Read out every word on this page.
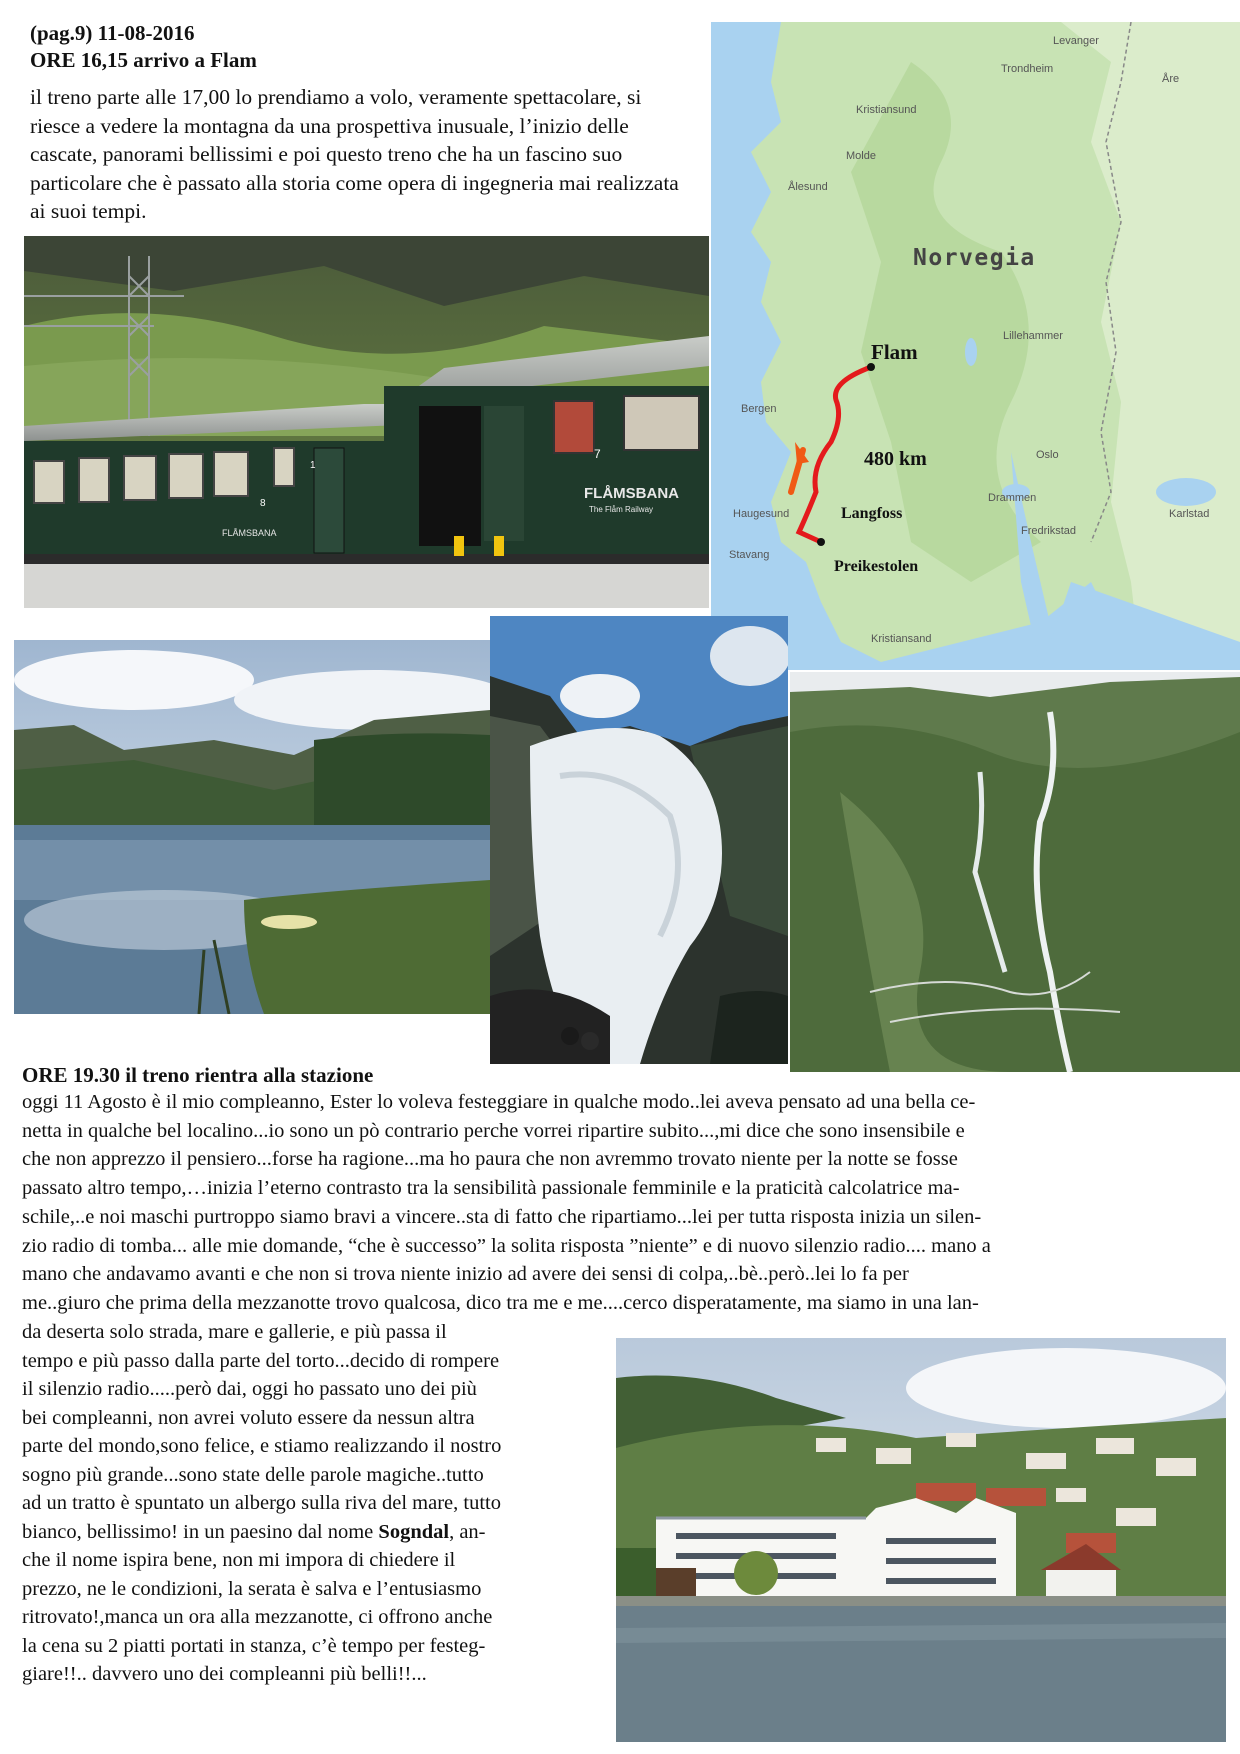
(pag.9) 11-08-2016
ORE 16,15 arrivo a Flam
il treno parte alle 17,00 lo prendiamo a volo, veramente spettacolare, si riesce a vedere la montagna da una prospettiva inusuale, l’inizio delle cascate, panorami bellissimi e poi questo treno che ha un fascino suo particolare che è passato alla storia come opera di ingegneria mai realizzata ai suoi tempi.
FLÅMSBANA
8
1
7
FLÅMSBANA
The Flåm Railway
Levanger
Trondheim
Åre
Kristiansund
Molde
Ålesund
Norvegia
Lillehammer
Bergen
Oslo
Drammen
Haugesund
Fredrikstad
Karlstad
Stavang
Kristiansand
Flam
480 km
Langfoss
Preikestolen
ORE 19.30 il treno rientra alla stazione
oggi 11 Agosto è il mio compleanno, Ester lo voleva festeggiare in qualche modo..lei aveva pensato ad una bella ce-
netta in qualche bel localino...io sono un pò contrario perche vorrei ripartire subito...,mi dice che sono insensibile e
che non apprezzo il pensiero...forse ha ragione...ma ho paura che non avremmo trovato niente per la notte se fosse
passato altro tempo,…inizia l’eterno contrasto tra la sensibilità passionale femminile e la praticità calcolatrice ma-
schile,..e noi maschi purtroppo siamo bravi a vincere..sta di fatto che ripartiamo...lei per tutta risposta inizia un silen-
zio radio di tomba... alle mie domande, “che è successo” la solita risposta ”niente” e di nuovo silenzio radio.... mano a
mano che andavamo avanti e che non si trova niente inizio ad avere dei sensi di colpa,..bè..però..lei lo fa per
me..giuro che prima della mezzanotte trovo qualcosa, dico tra me e me....cerco disperatamente, ma siamo in una lan-
da deserta solo strada, mare e gallerie, e più passa il
tempo e più passo dalla parte del torto...decido di rompere
il silenzio radio.....però dai, oggi ho passato uno dei più
bei compleanni, non avrei voluto essere da nessun altra
parte del mondo,sono felice, e stiamo realizzando il nostro
sogno più grande...sono state delle parole magiche..tutto
ad un tratto è spuntato un albergo sulla riva del mare, tutto
bianco, bellissimo! in un paesino dal nome Sogndal, an-
che il nome ispira bene, non mi impora di chiedere il
prezzo, ne le condizioni, la serata è salva e l’entusiasmo
ritrovato!,manca un ora alla mezzanotte, ci offrono anche
la cena su 2 piatti portati in stanza, c’è tempo per festeg-
giare!!.. davvero uno dei compleanni più belli!!...
